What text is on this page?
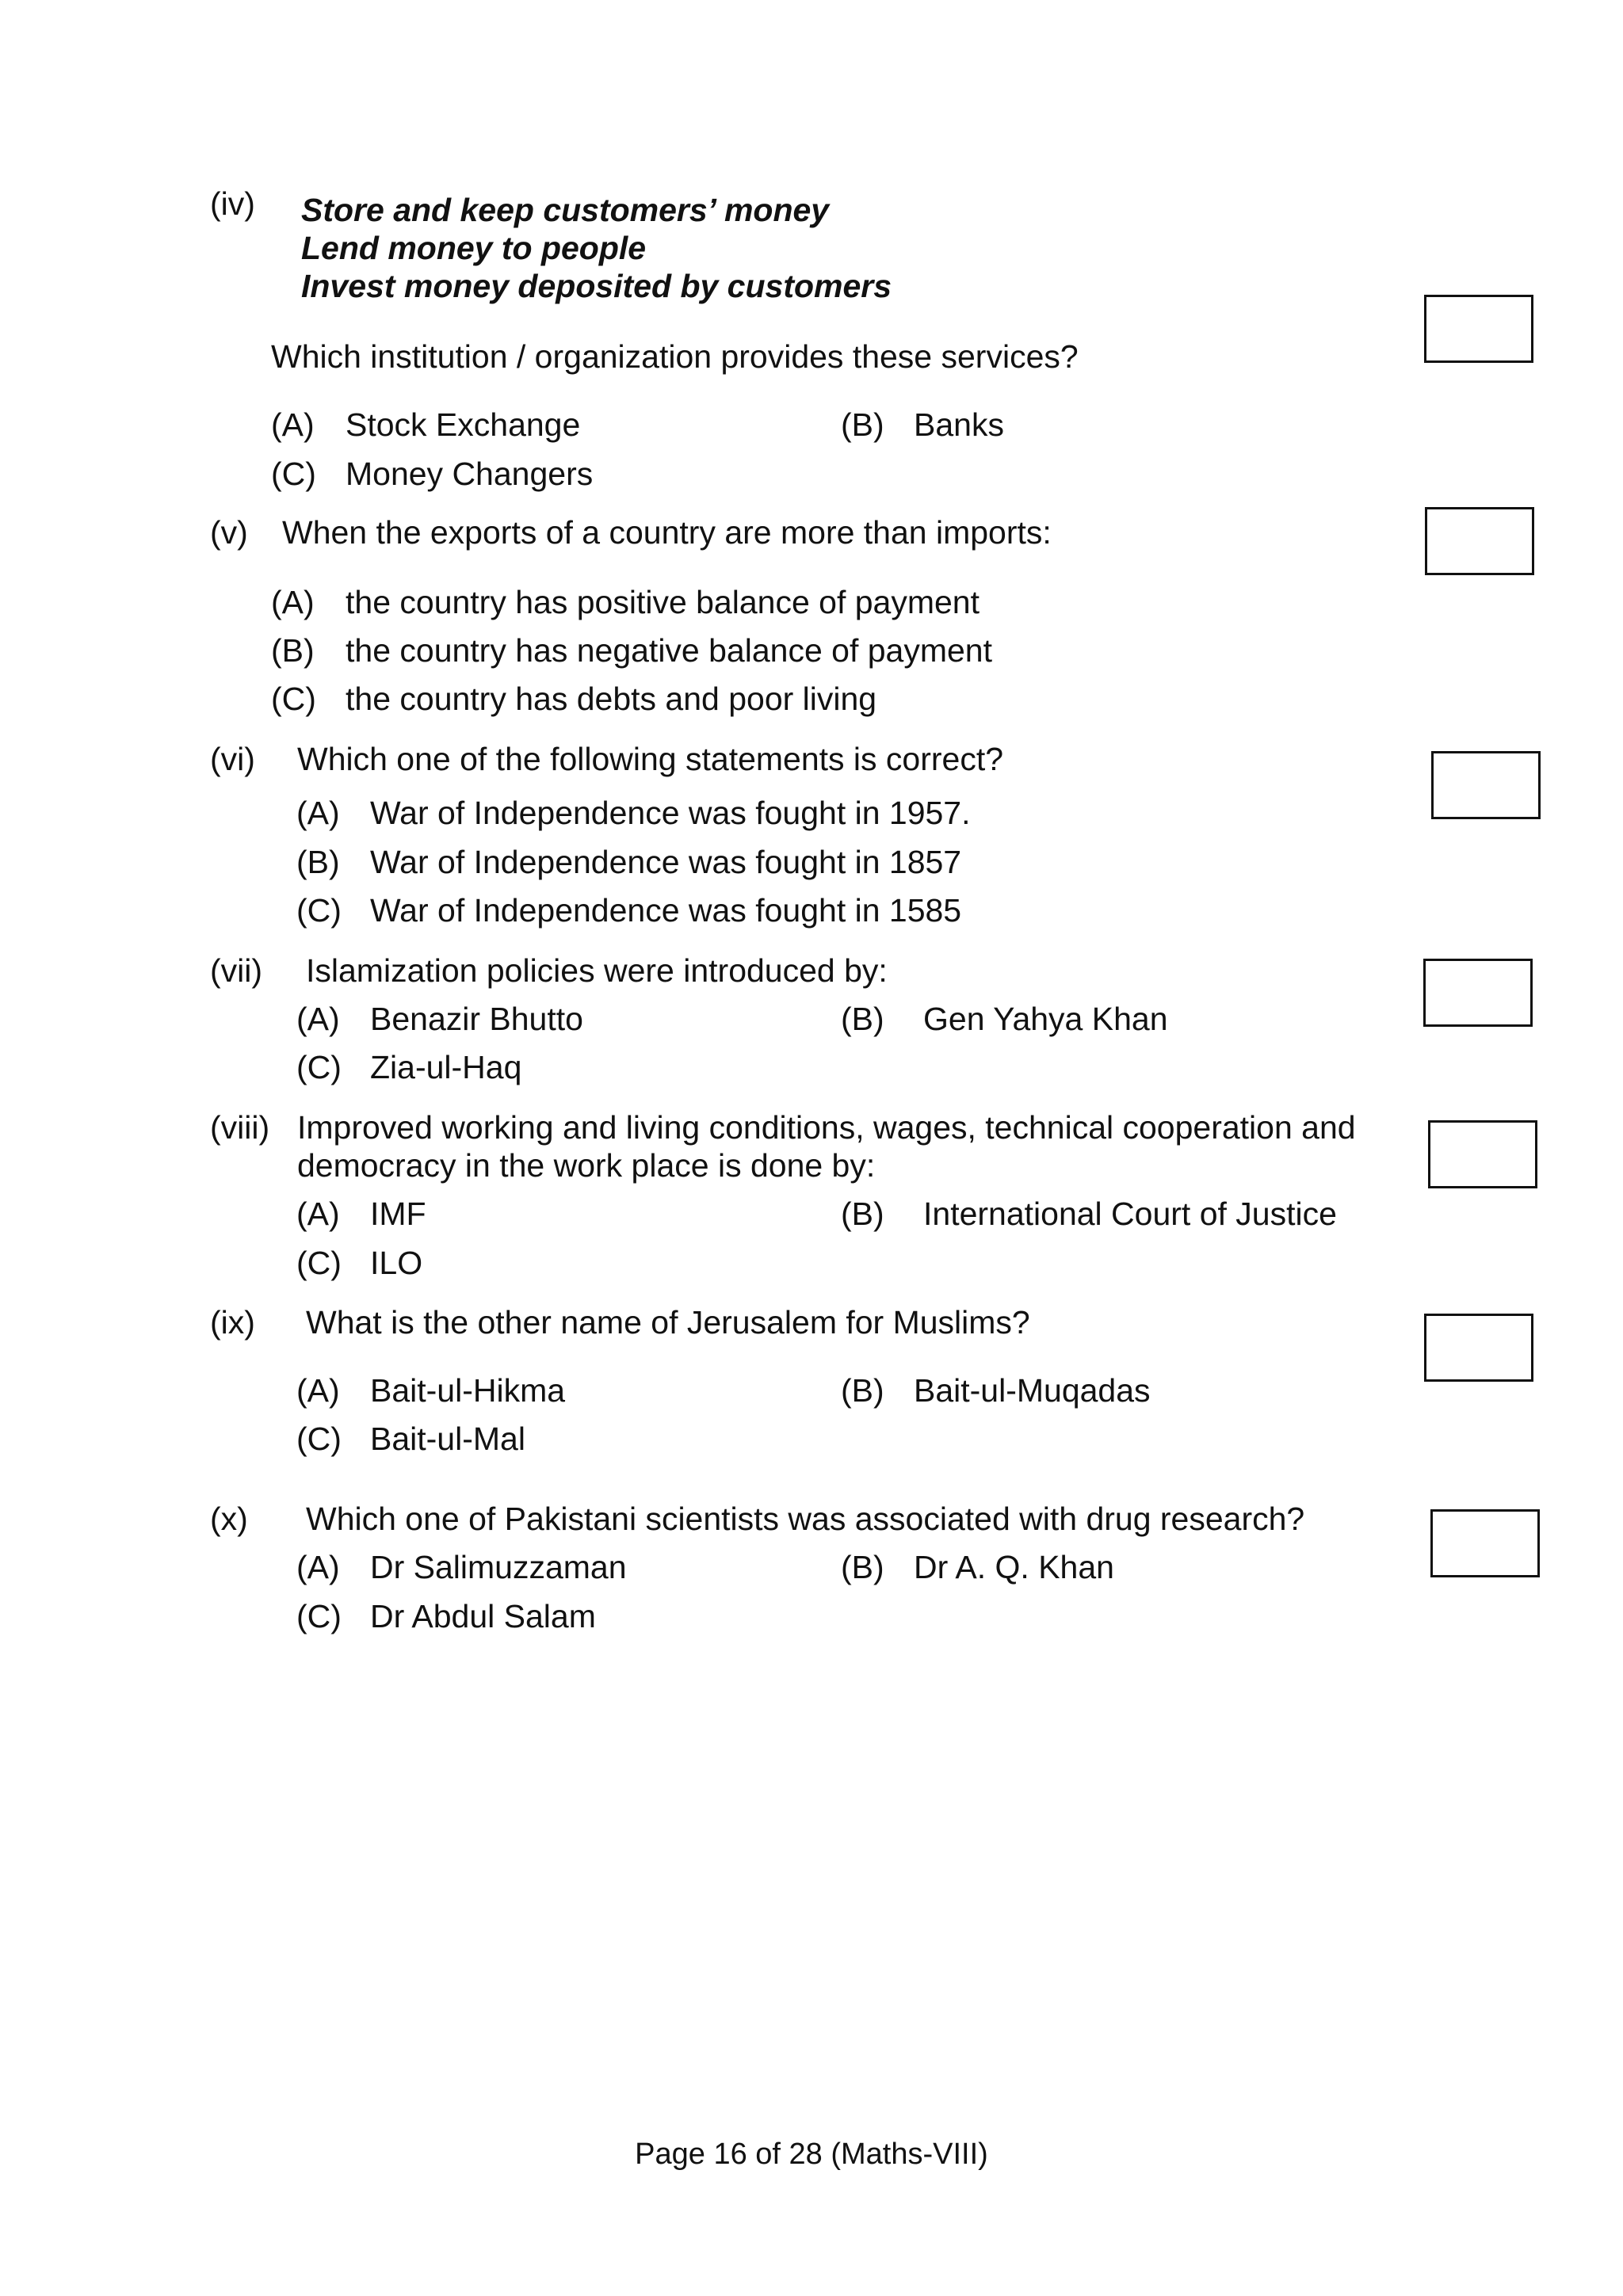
(iv) Store and keep customers’ money
Lend money to people
Invest money deposited by customers
Which institution / organization provides these services?
(A) Stock Exchange	(B) Banks
(C) Money Changers
(v) When the exports of a country are more than imports:
(A) the country has positive balance of payment
(B) the country has negative balance of payment
(C) the country has debts and poor living
(vi) Which one of the following statements is correct?
(A) War of Independence was fought in 1957.
(B) War of Independence was fought in 1857
(C) War of Independence was fought in 1585
(vii) Islamization policies were introduced by:
(A) Benazir Bhutto	(B) Gen Yahya Khan
(C) Zia-ul-Haq
(viii) Improved working and living conditions, wages, technical cooperation and
democracy in the work place is done by:
(A) IMF	(B) International Court of Justice
(C) ILO
(ix) What is the other name of Jerusalem for Muslims?
(A) Bait-ul-Hikma	(B) Bait-ul-Muqadas
(C) Bait-ul-Mal
(x) Which one of Pakistani scientists was associated with drug research?
(A) Dr Salimuzzaman	(B) Dr A. Q. Khan
(C) Dr Abdul Salam
Page 16 of 28 (Maths-VIII)
